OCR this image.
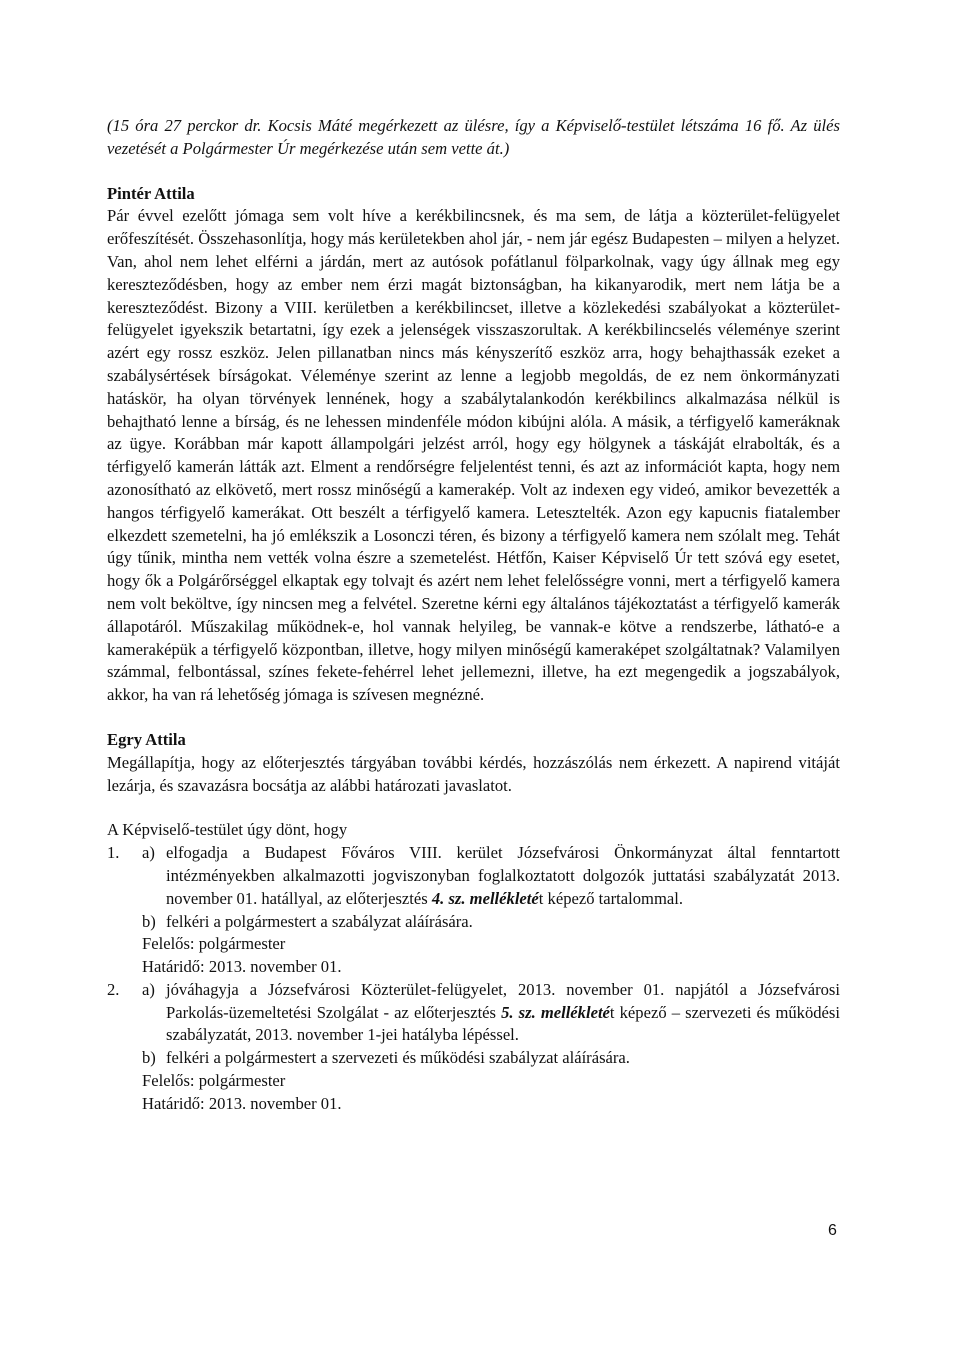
(15 óra 27 perckor dr. Kocsis Máté megérkezett az ülésre, így a Képviselő-testület létszáma 16 fő. Az ülés vezetését a Polgármester Úr megérkezése után sem vette át.)

Pintér Attila

Pár évvel ezelőtt jómaga sem volt híve a kerékbilincsnek, és ma sem, de látja a közterület-felügyelet erőfeszítését. Összehasonlítja, hogy más kerületekben ahol jár, - nem jár egész Budapesten – milyen a helyzet. Van, ahol nem lehet elférni a járdán, mert az autósok pofátlanul fölparkolnak, vagy úgy állnak meg egy kereszteződésben, hogy az ember nem érzi magát biztonságban, ha kikanyarodik, mert nem látja be a kereszteződést. Bizony a VIII. kerületben a kerékbilincset, illetve a közlekedési szabályokat a közterület-felügyelet igyekszik betartatni, így ezek a jelenségek visszaszorultak. A kerékbilincselés véleménye szerint azért egy rossz eszköz. Jelen pillanatban nincs más kényszerítő eszköz arra, hogy behajthassák ezeket a szabálysértések bírságokat. Véleménye szerint az lenne a legjobb megoldás, de ez nem önkormányzati hatáskör, ha olyan törvények lennének, hogy a szabálytalankodón kerékbilincs alkalmazása nélkül is behajtható lenne a bírság, és ne lehessen mindenféle módon kibújni alóla. A másik, a térfigyelő kameráknak az ügye. Korábban már kapott állampolgári jelzést arról, hogy egy hölgynek a táskáját elrabolták, és a térfigyelő kamerán látták azt. Elment a rendőrségre feljelentést tenni, és azt az információt kapta, hogy nem azonosítható az elkövető, mert rossz minőségű a kamerakép. Volt az indexen egy videó, amikor bevezették a hangos térfigyelő kamerákat. Ott beszélt a térfigyelő kamera. Letesztelték. Azon egy kapucnis fiatalember elkezdett szemetelni, ha jó emlékszik a Losonczi téren, és bizony a térfigyelő kamera nem szólalt meg. Tehát úgy tűnik, mintha nem vették volna észre a szemetelést. Hétfőn, Kaiser Képviselő Úr tett szóvá egy esetet, hogy ők a Polgárőrséggel elkaptak egy tolvajt és azért nem lehet felelősségre vonni, mert a térfigyelő kamera nem volt beköltve, így nincsen meg a felvétel. Szeretne kérni egy általános tájékoztatást a térfigyelő kamerák állapotáról. Műszakilag működnek-e, hol vannak helyileg, be vannak-e kötve a rendszerbe, látható-e a kameraképük a térfigyelő központban, illetve, hogy milyen minőségű kameraképet szolgáltatnak? Valamilyen számmal, felbontással, színes fekete-fehérrel lehet jellemezni, illetve, ha ezt megengedik a jogszabályok, akkor, ha van rá lehetőség jómaga is szívesen megnézné.

Egry Attila

Megállapítja, hogy az előterjesztés tárgyában további kérdés, hozzászólás nem érkezett. A napirend vitáját lezárja, és szavazásra bocsátja az alábbi határozati javaslatot.

A Képviselő-testület úgy dönt, hogy

1.	a) elfogadja a Budapest Főváros VIII. kerület Józsefvárosi Önkormányzat által fenntartott intézményekben alkalmazotti jogviszonyban foglalkoztatott dolgozók juttatási szabályzatát 2013. november 01. hatállyal, az előterjesztés 4. sz. mellékletét képező tartalommal.
b) felkéri a polgármestert a szabályzat aláírására.

Felelős: polgármester

Határidő: 2013. november 01.

2.	a) jóváhagyja a Józsefvárosi Közterület-felügyelet, 2013. november 01. napjától a Józsefvárosi Parkolás-üzemeltetési Szolgálat - az előterjesztés 5. sz. mellékletét képező – szervezeti és működési szabályzatát, 2013. november 1-jei hatályba lépéssel.
b) felkéri a polgármestert a szervezeti és működési szabályzat aláírására.

Felelős: polgármester

Határidő: 2013. november 01.

6
